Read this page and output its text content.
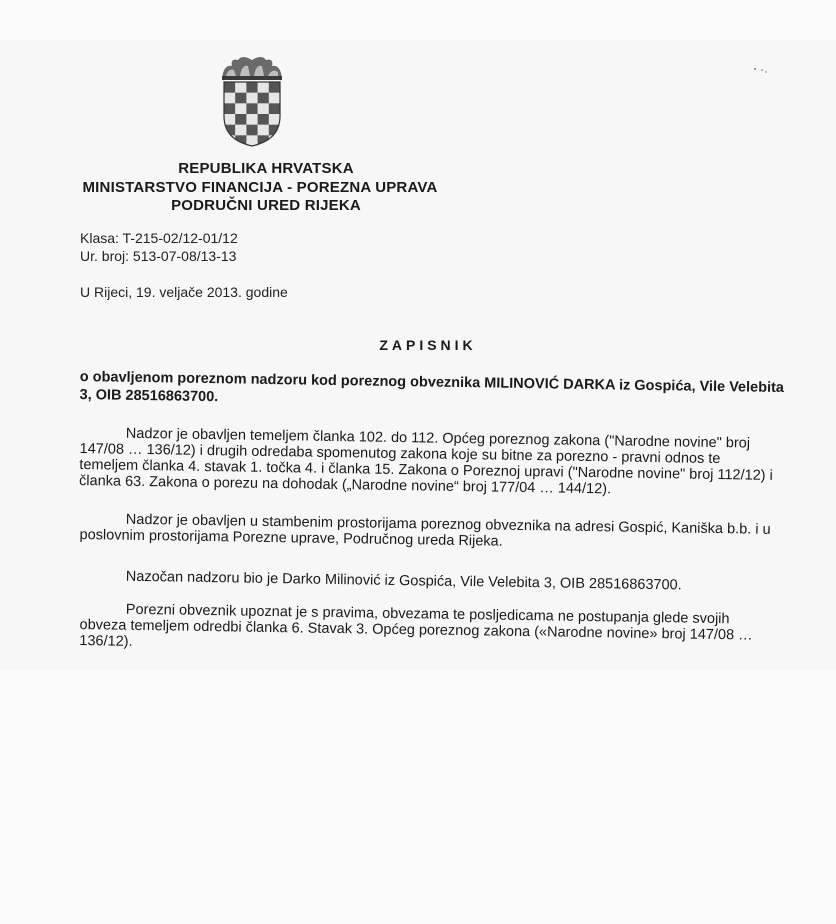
REPUBLIKA HRVATSKA
MINISTARSTVO FINANCIJA - POREZNA UPRAVA
PODRUČNI URED RIJEKA
Klasa: T-215-02/12-01/12
Ur. broj: 513-07-08/13-13
U Rijeci, 19. veljače 2013. godine
ZAPISNIK
o obavljenom poreznom nadzoru kod poreznog obveznika MILINOVIĆ DARKA iz Gospića, Vile Velebita 3, OIB 28516863700.
Nadzor je obavljen temeljem članka 102. do 112. Općeg poreznog zakona ("Narodne novine" broj 147/08 … 136/12) i drugih odredaba spomenutog zakona koje su bitne za porezno - pravni odnos te temeljem članka 4. stavak 1. točka 4. i članka 15. Zakona o Poreznoj upravi ("Narodne novine" broj 112/12) i članka 63. Zakona o porezu na dohodak („Narodne novine“ broj 177/04 … 144/12).
Nadzor je obavljen u stambenim prostorijama poreznog obveznika na adresi Gospić, Kaniška b.b. i u poslovnim prostorijama Porezne uprave, Područnog ureda Rijeka.
Nazočan nadzoru bio je Darko Milinović iz Gospića, Vile Velebita 3, OIB 28516863700.
Porezni obveznik upoznat je s pravima, obvezama te posljedicama ne postupanja glede svojih obveza temeljem odredbi članka 6. Stavak 3. Općeg poreznog zakona («Narodne novine» broj 147/08 … 136/12).
